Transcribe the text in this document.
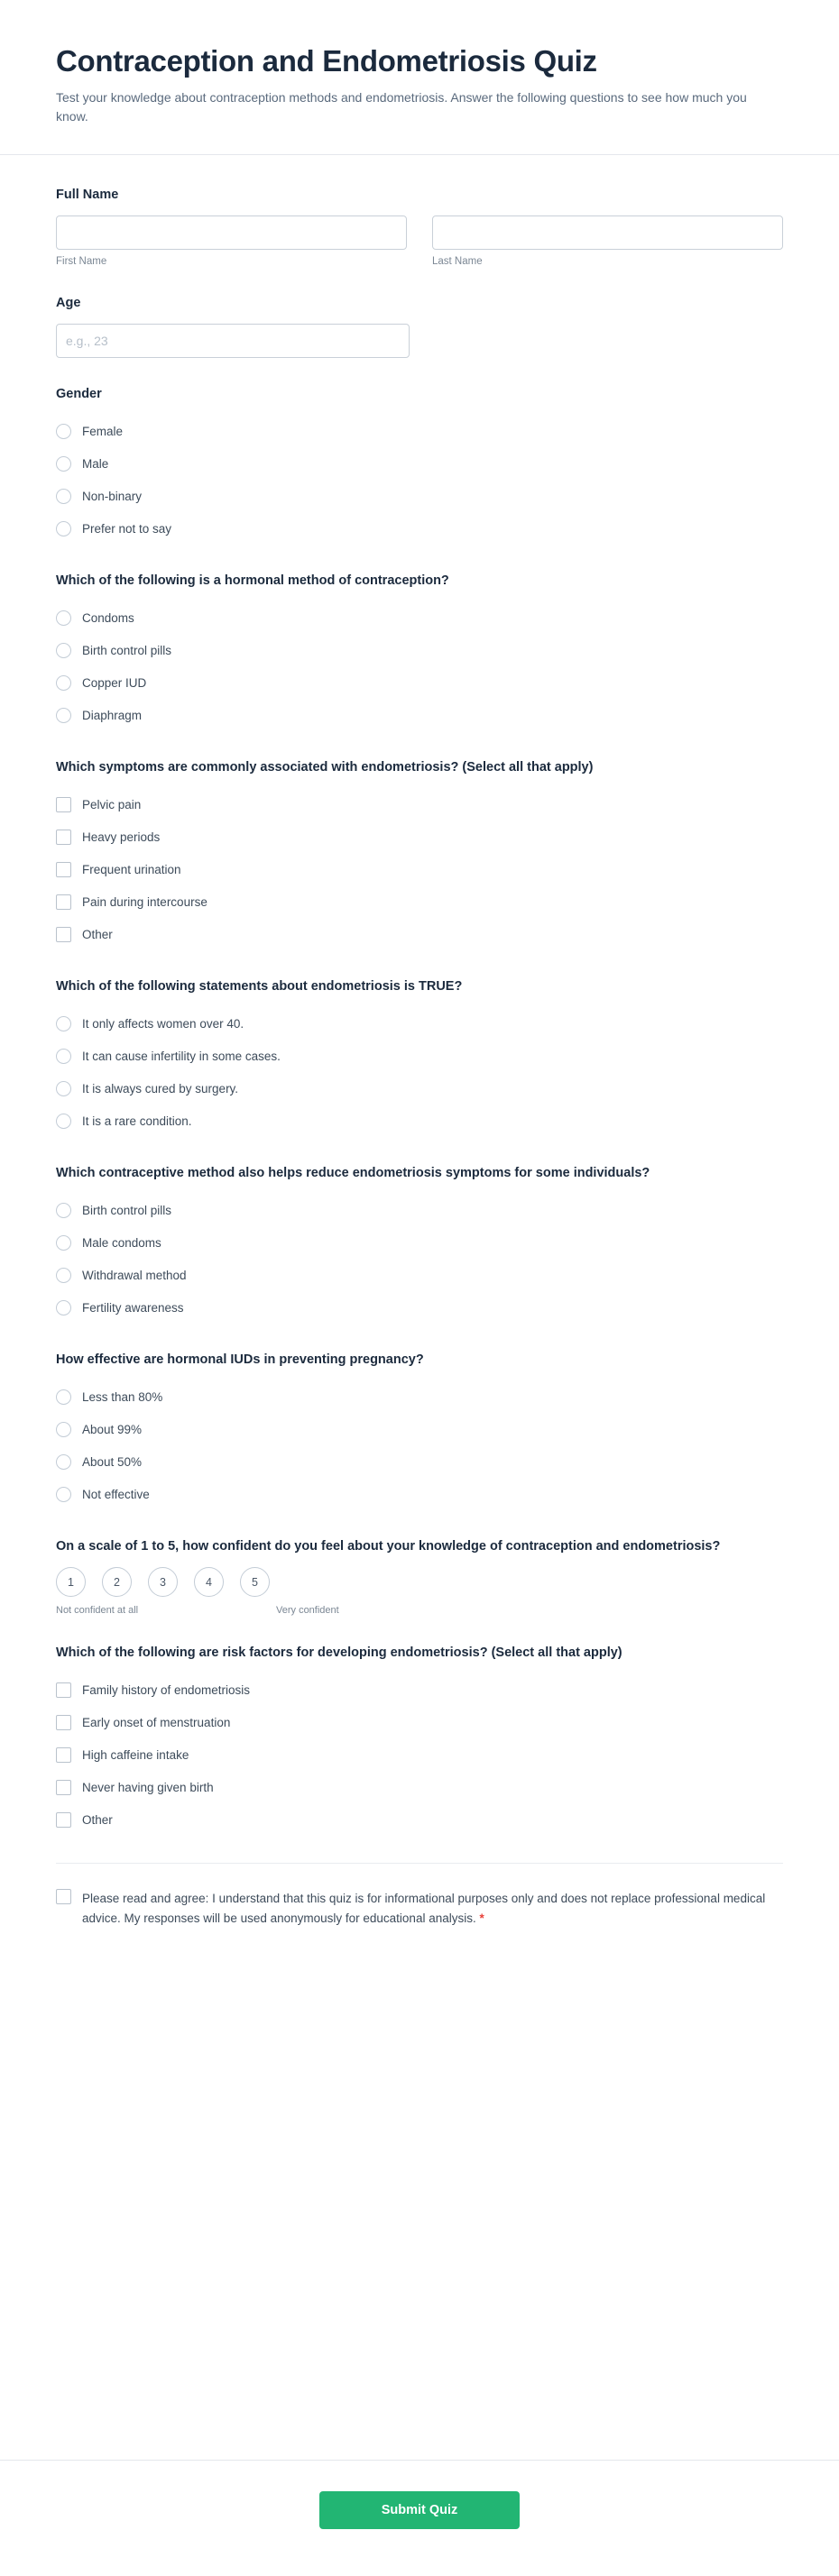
Contraception and Endometriosis Quiz

Test your knowledge about contraception methods and endometriosis. Answer the following questions to see how much you know.

Full Name
First Name	Last Name
Age
e.g., 23
Gender
Female
Male
Non-binary
Prefer not to say
Which of the following is a hormonal method of contraception?
Condoms
Birth control pills
Copper IUD
Diaphragm
Which symptoms are commonly associated with endometriosis? (Select all that apply)
Pelvic pain
Heavy periods
Frequent urination
Pain during intercourse
Other
Which of the following statements about endometriosis is TRUE?
It only affects women over 40.
It can cause infertility in some cases.
It is always cured by surgery.
It is a rare condition.
Which contraceptive method also helps reduce endometriosis symptoms for some individuals?
Birth control pills
Male condoms
Withdrawal method
Fertility awareness
How effective are hormonal IUDs in preventing pregnancy?
Less than 80%
About 99%
About 50%
Not effective
On a scale of 1 to 5, how confident do you feel about your knowledge of contraception and endometriosis?
1	2	3	4	5
Not confident at all	Very confident
Which of the following are risk factors for developing endometriosis? (Select all that apply)
Family history of endometriosis
Early onset of menstruation
High caffeine intake
Never having given birth
Other
Please read and agree: I understand that this quiz is for informational purposes only and does not replace professional medical advice. My responses will be used anonymously for educational analysis. *
Submit Quiz
